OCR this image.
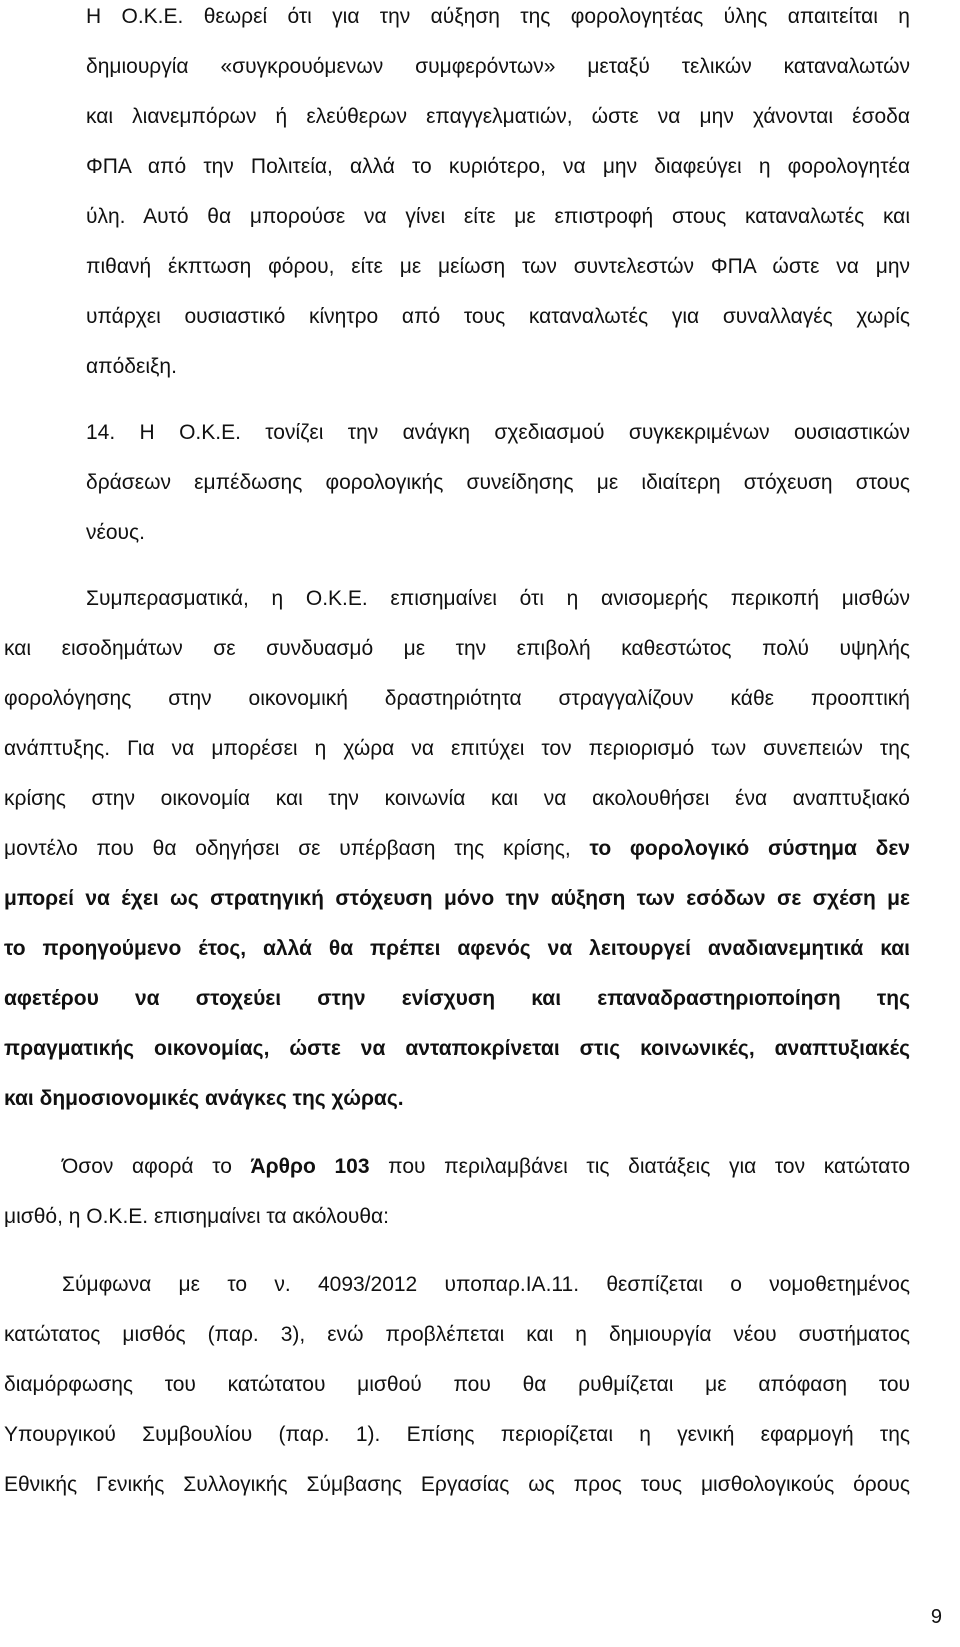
Η Ο.Κ.Ε. θεωρεί ότι για την αύξηση της φορολογητέας ύλης απαιτείται η
δημιουργία «συγκρουόμενων συμφερόντων» μεταξύ τελικών καταναλωτών
και λιανεμπόρων ή ελεύθερων επαγγελματιών, ώστε να μην χάνονται έσοδα
ΦΠΑ από την Πολιτεία, αλλά το κυριότερο, να μην διαφεύγει η φορολογητέα
ύλη. Αυτό θα μπορούσε να γίνει είτε με επιστροφή στους καταναλωτές και
πιθανή έκπτωση φόρου, είτε με μείωση των συντελεστών ΦΠΑ ώστε να μην
υπάρχει ουσιαστικό κίνητρο από τους καταναλωτές για συναλλαγές χωρίς
απόδειξη.
14. Η Ο.Κ.Ε. τονίζει την ανάγκη σχεδιασμού συγκεκριμένων ουσιαστικών
δράσεων εμπέδωσης φορολογικής συνείδησης με ιδιαίτερη στόχευση στους
νέους.
Συμπερασματικά, η Ο.Κ.Ε. επισημαίνει ότι η ανισομερής περικοπή μισθών
και εισοδημάτων σε συνδυασμό με την επιβολή καθεστώτος πολύ υψηλής
φορολόγησης στην οικονομική δραστηριότητα στραγγαλίζουν κάθε προοπτική
ανάπτυξης. Για να μπορέσει η χώρα να επιτύχει τον περιορισμό των συνεπειών της
κρίσης στην οικονομία και την κοινωνία και να ακολουθήσει ένα αναπτυξιακό
μοντέλο που θα οδηγήσει σε υπέρβαση της κρίσης, το φορολογικό σύστημα δεν
μπορεί να έχει ως στρατηγική στόχευση μόνο την αύξηση των εσόδων σε σχέση με
το προηγούμενο έτος, αλλά θα πρέπει αφενός να λειτουργεί αναδιανεμητικά και
αφετέρου να στοχεύει στην ενίσχυση και επαναδραστηριοποίηση της
πραγματικής οικονομίας, ώστε να ανταποκρίνεται στις κοινωνικές, αναπτυξιακές
και δημοσιονομικές ανάγκες της χώρας.
Όσον αφορά το Άρθρο 103 που περιλαμβάνει τις διατάξεις για τον κατώτατο
μισθό, η Ο.Κ.Ε. επισημαίνει τα ακόλουθα:
Σύμφωνα με το ν. 4093/2012 υποπαρ.ΙΑ.11. θεσπίζεται ο νομοθετημένος
κατώτατος μισθός (παρ. 3), ενώ προβλέπεται και η δημιουργία νέου συστήματος
διαμόρφωσης του κατώτατου μισθού που θα ρυθμίζεται με απόφαση του
Υπουργικού Συμβουλίου (παρ. 1). Επίσης περιορίζεται η γενική εφαρμογή της
Εθνικής Γενικής Συλλογικής Σύμβασης Εργασίας ως προς τους μισθολογικούς όρους
9
